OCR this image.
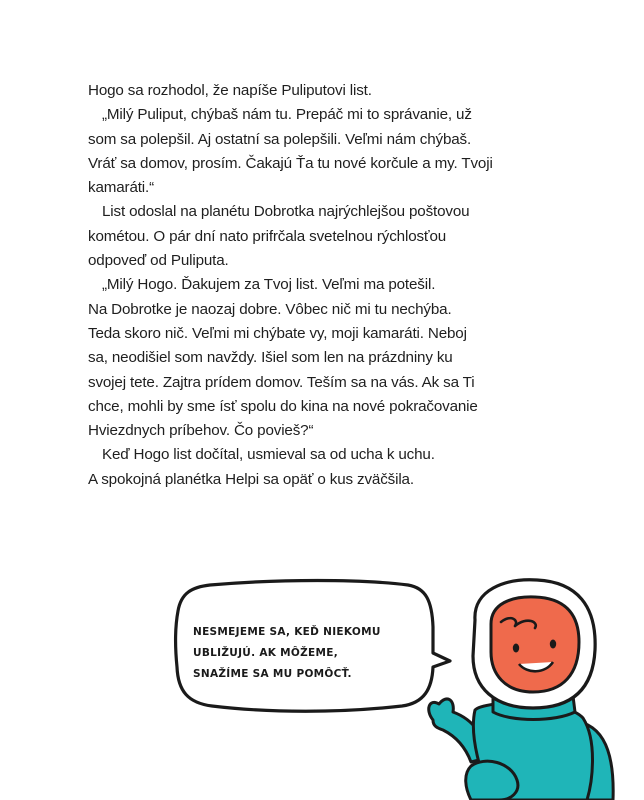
Hogo sa rozhodol, že napíše Puliputovi list.
„Milý Puliput, chýbaš nám tu. Prepáč mi to správanie, už
som sa polepšil. Aj ostatní sa polepšili. Veľmi nám chýbaš.
Vráť sa domov, prosím. Čakajú Ťa tu nové korčule a my. Tvoji
kamaráti.“
List odoslal na planétu Dobrotka najrýchlejšou poštovou
kométou. O pár dní nato prifrčala svetelnou rýchlosťou
odpoveď od Puliputa.
„Milý Hogo. Ďakujem za Tvoj list. Veľmi ma potešil.
Na Dobrotke je naozaj dobre. Vôbec nič mi tu nechýba.
Teda skoro nič. Veľmi mi chýbate vy, moji kamaráti. Neboj
sa, neodišiel som navždy. Išiel som len na prázdniny ku
svojej tete. Zajtra prídem domov. Teším sa na vás. Ak sa Ti
chce, mohli by sme ísť spolu do kina na nové pokračovanie
Hviezdnych príbehov. Čo povieš?“
Keď Hogo list dočítal, usmieval sa od ucha k uchu.
A spokojná planétka Helpi sa opäť o kus zväčšila.
NESMEJEME SA, KEĎ NIEKOMU
UBLIŽUJÚ. AK MÔŽEME,
SNAŽÍME SA MU POMÔCŤ.
